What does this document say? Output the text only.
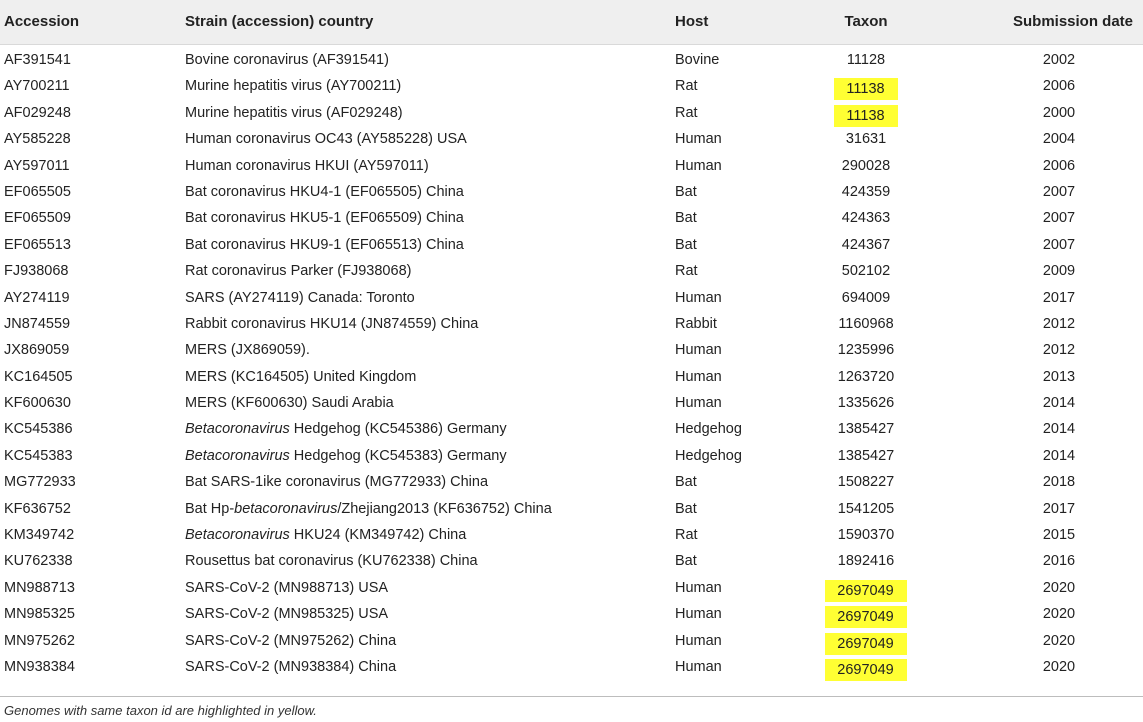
Accession	Strain (accession) country	Host	Taxon	Submission date
AF391541	Bovine coronavirus (AF391541)	Bovine	11128	2002
AY700211	Murine hepatitis virus (AY700211)	Rat	11138	2006
AF029248	Murine hepatitis virus (AF029248)	Rat	11138	2000
AY585228	Human coronavirus OC43 (AY585228) USA	Human	31631	2004
AY597011	Human coronavirus HKUI (AY597011)	Human	290028	2006
EF065505	Bat coronavirus HKU4-1 (EF065505) China	Bat	424359	2007
EF065509	Bat coronavirus HKU5-1 (EF065509) China	Bat	424363	2007
EF065513	Bat coronavirus HKU9-1 (EF065513) China	Bat	424367	2007
FJ938068	Rat coronavirus Parker (FJ938068)	Rat	502102	2009
AY274119	SARS (AY274119) Canada: Toronto	Human	694009	2017
JN874559	Rabbit coronavirus HKU14 (JN874559) China	Rabbit	1160968	2012
JX869059	MERS (JX869059).	Human	1235996	2012
KC164505	MERS (KC164505) United Kingdom	Human	1263720	2013
KF600630	MERS (KF600630) Saudi Arabia	Human	1335626	2014
KC545386	Betacoronavirus Hedgehog (KC545386) Germany	Hedgehog	1385427	2014
KC545383	Betacoronavirus Hedgehog (KC545383) Germany	Hedgehog	1385427	2014
MG772933	Bat SARS-1ike coronavirus (MG772933) China	Bat	1508227	2018
KF636752	Bat Hp-betacoronavirus/Zhejiang2013 (KF636752) China	Bat	1541205	2017
KM349742	Betacoronavirus HKU24 (KM349742) China	Rat	1590370	2015
KU762338	Rousettus bat coronavirus (KU762338) China	Bat	1892416	2016
MN988713	SARS-CoV-2 (MN988713) USA	Human	2697049	2020
MN985325	SARS-CoV-2 (MN985325) USA	Human	2697049	2020
MN975262	SARS-CoV-2 (MN975262) China	Human	2697049	2020
MN938384	SARS-CoV-2 (MN938384) China	Human	2697049	2020
Genomes with same taxon id are highlighted in yellow.
